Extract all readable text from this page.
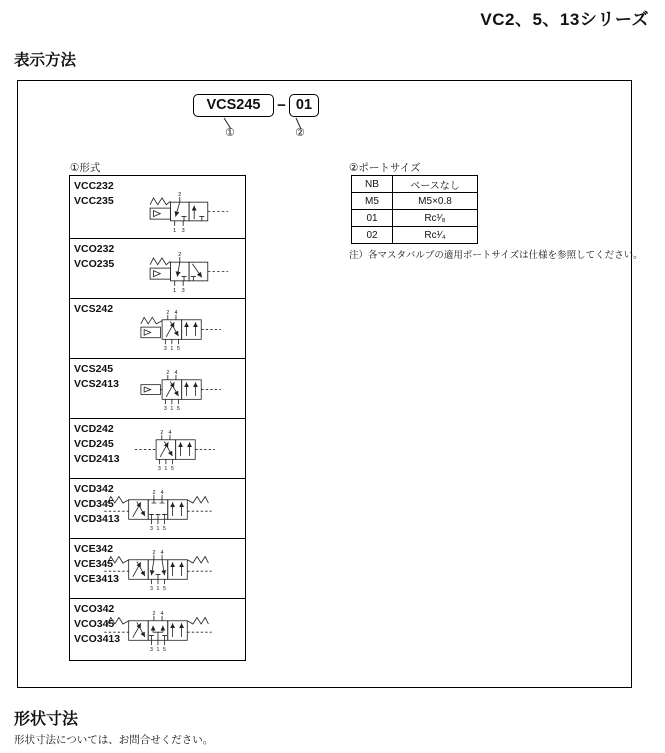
VC2、5、13シリーズ
表示方法
VCS245	− 01
①	②
①形式
VCC232
VCC235	2
1 3
VCO232
VCO235
2
1 3
VCS242	2 4
3 1 5
VCS245
VCS2413
2 4
3 1 5
VCD242
VCD245
VCD2413
2 4
3 1 5
VCD342
VCD345
VCD3413
2 4
3 1 5
VCE342
VCE345
VCE3413
2 4
3 1 5
VCO342
VCO345
VCO3413
2 4
3 1 5
②ポートサイズ
NB	ベースなし
M5	M5×0.8
01	Rc¹⁄₈
02	Rc¹⁄₄
注）各マスタバルブの適用ポートサイズは仕様を参照してください。
形状寸法
形状寸法については、お問合せください。
